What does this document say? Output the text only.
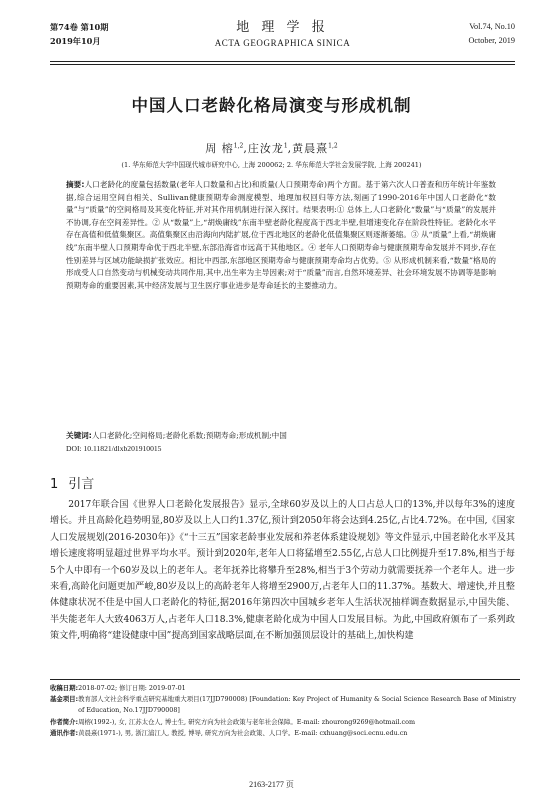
第74卷 第10期
2019年10月
地 理 学 报
ACTA GEOGRAPHICA SINICA
Vol.74, No.10
October, 2019
中国人口老龄化格局演变与形成机制
周 榕$^{1,2}$,庄汝龙$^1$,黄晨熹$^{1,2}$
(1. 华东师范大学中国现代城市研究中心, 上海 200062; 2. 华东师范大学社会发展学院, 上海 200241)
摘要:人口老龄化的度量包括数量(老年人口数量和占比)和质量(人口预期寿命)两个方面。基于第六次人口普查和历年统计年鉴数据,综合运用空间自相关、Sullivan健康预期寿命测度模型、地理加权回归等方法,刻画了1990-2016年中国人口老龄化“数量”与“质量”的空间格局及其变化特征,并对其作用机制进行深入探讨。结果表明:① 总体上,人口老龄化“数量”与“质量”的发展并不协调,存在空间差异性。② 从“数量”上,“胡焕庸线”东南半壁老龄化程度高于西北半壁,但增速变化存在阶段性特征。老龄化水平存在高值和低值集聚区。高值集聚区由沿海向内陆扩展,位于西北地区的老龄化低值集聚区则逐渐萎缩。③ 从“质量”上看,“胡焕庸线”东南半壁人口预期寿命优于西北半壁,东部沿海省市远高于其他地区。④ 老年人口预期寿命与健康预期寿命发展并不同步,存在性别差异与区域功能缺损扩张效应。相比中西部,东部地区预期寿命与健康预期寿命均占优势。⑤ 从形成机制来看,“数量”格局的形成受人口自然变动与机械变动共同作用,其中,出生率为主导因素;对于“质量”而言,自然环境差异、社会环境发展不协调等是影响预期寿命的重要因素,其中经济发展与卫生医疗事业进步是寿命延长的主要推动力。
关键词:人口老龄化;空间格局;老龄化系数;预期寿命;形成机制;中国
DOI: 10.11821/dlxb201910015
1 引言
2017年联合国《世界人口老龄化发展报告》显示,全球60岁及以上的人口占总人口的13%,并以每年3%的速度增长。并且高龄化趋势明显,80岁及以上人口约1.37亿,预计到2050年将会达到4.25亿,占比4.72%。在中国,《国家人口发展规划(2016-2030年)》《“十三五”国家老龄事业发展和养老体系建设规划》等文件显示,中国老龄化水平及其增长速度将明显超过世界平均水平。预计到2020年,老年人口将猛增至2.55亿,占总人口比例提升至17.8%,相当于每5个人中即有一个60岁及以上的老年人。老年抚养比将攀升至28%,相当于3个劳动力就需要抚养一个老年人。进一步来看,高龄化问题更加严峻,80岁及以上的高龄老年人将增至2900万,占老年人口的11.37%。基数大、增速快,并且整体健康状况不佳是中国人口老龄化的特征,据2016年第四次中国城乡老年人生活状况抽样调查数据显示,中国失能、半失能老年人大致4063万人,占老年人口18.3%,健康老龄化成为中国人口发展目标。为此,中国政府颁布了一系列政策文件,明确将“建设健康中国”提高到国家战略层面,在不断加强顶层设计的基础上,加快构建
收稿日期: 2018-07-02; 修订日期: 2019-07-01
基金项目: 教育部人文社会科学重点研究基地重大项目(17JJD790008) [Foundation: Key Project of Humanity & Social Science Research Base of Ministry of Education, No.17JJD790008]
作者简介: 周榕(1992-), 女, 江苏太仓人, 博士生, 研究方向为社会政策与老年社会保障。E-mail: zhourong9269@hotmail.com
通讯作者: 黄晨熹(1971-), 男, 浙江浦江人, 教授, 博导, 研究方向为社会政策、人口学。E-mail: cxhuang@soci.ecnu.edu.cn
2163-2177 页
